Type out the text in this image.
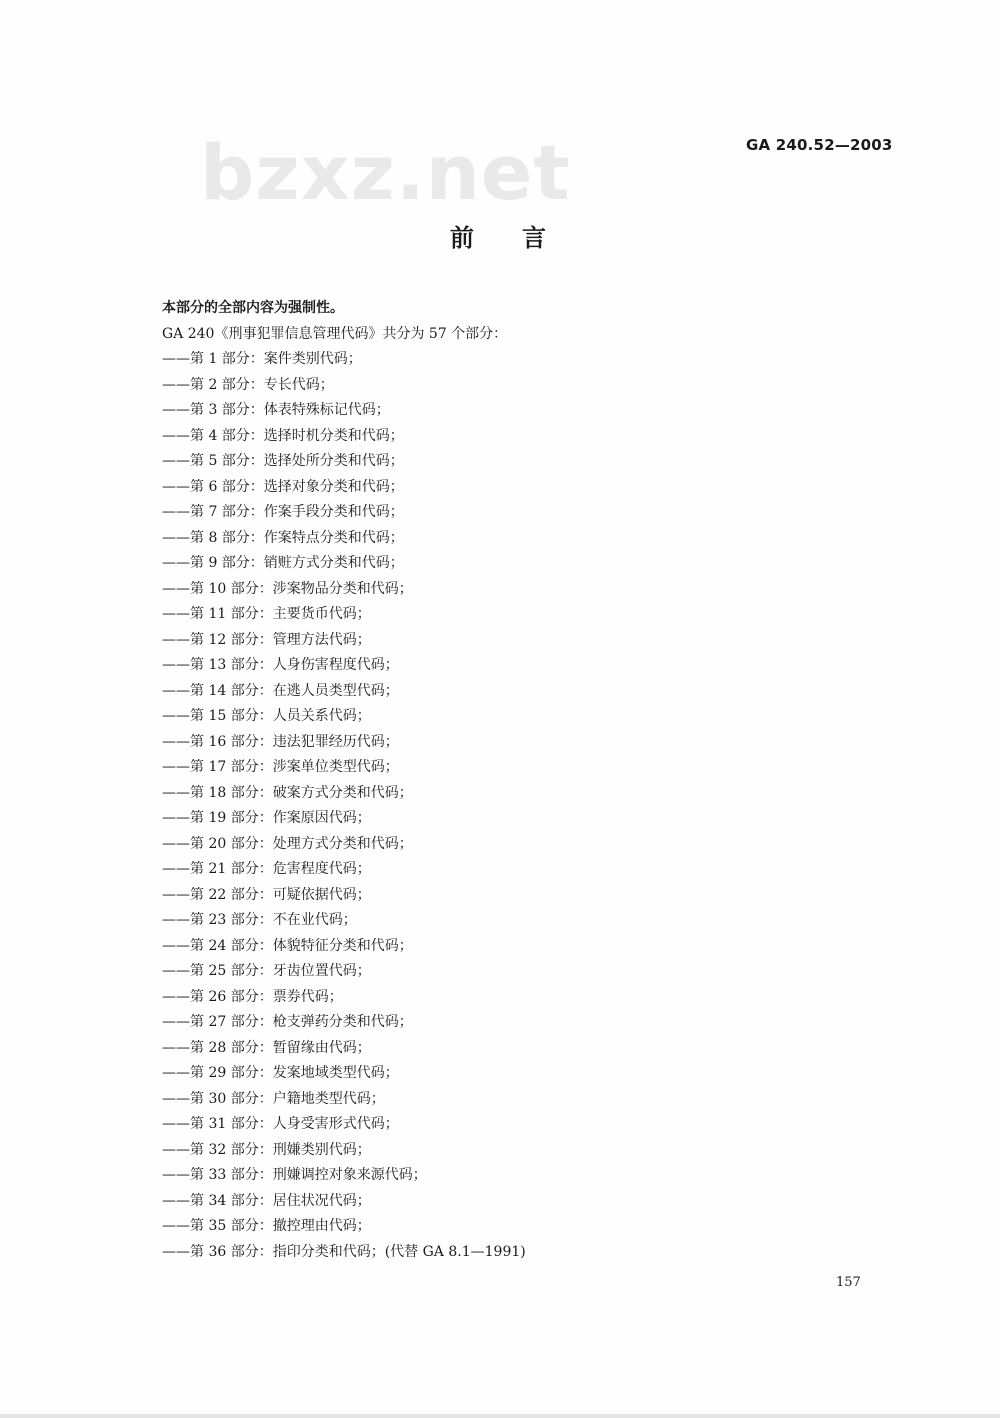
bzxz.net	GA 240.52—2003
前言
本部分的全部内容为强制性。
GA 240《刑事犯罪信息管理代码》共分为 57 个部分：
——第 1 部分：案件类别代码；
——第 2 部分：专长代码；
——第 3 部分：体表特殊标记代码；
——第 4 部分：选择时机分类和代码；
——第 5 部分：选择处所分类和代码；
——第 6 部分：选择对象分类和代码；
——第 7 部分：作案手段分类和代码；
——第 8 部分：作案特点分类和代码；
——第 9 部分：销赃方式分类和代码；
——第 10 部分：涉案物品分类和代码；
——第 11 部分：主要货币代码；
——第 12 部分：管理方法代码；
——第 13 部分：人身伤害程度代码；
——第 14 部分：在逃人员类型代码；
——第 15 部分：人员关系代码；
——第 16 部分：违法犯罪经历代码；
——第 17 部分：涉案单位类型代码；
——第 18 部分：破案方式分类和代码；
——第 19 部分：作案原因代码；
——第 20 部分：处理方式分类和代码；
——第 21 部分：危害程度代码；
——第 22 部分：可疑依据代码；
——第 23 部分：不在业代码；
——第 24 部分：体貌特征分类和代码；
——第 25 部分：牙齿位置代码；
——第 26 部分：票券代码；
——第 27 部分：枪支弹药分类和代码；
——第 28 部分：暂留缘由代码；
——第 29 部分：发案地域类型代码；
——第 30 部分：户籍地类型代码；
——第 31 部分：人身受害形式代码；
——第 32 部分：刑嫌类别代码；
——第 33 部分：刑嫌调控对象来源代码；
——第 34 部分：居住状况代码；
——第 35 部分：撤控理由代码；
——第 36 部分：指印分类和代码；(代替 GA 8.1—1991)
157
